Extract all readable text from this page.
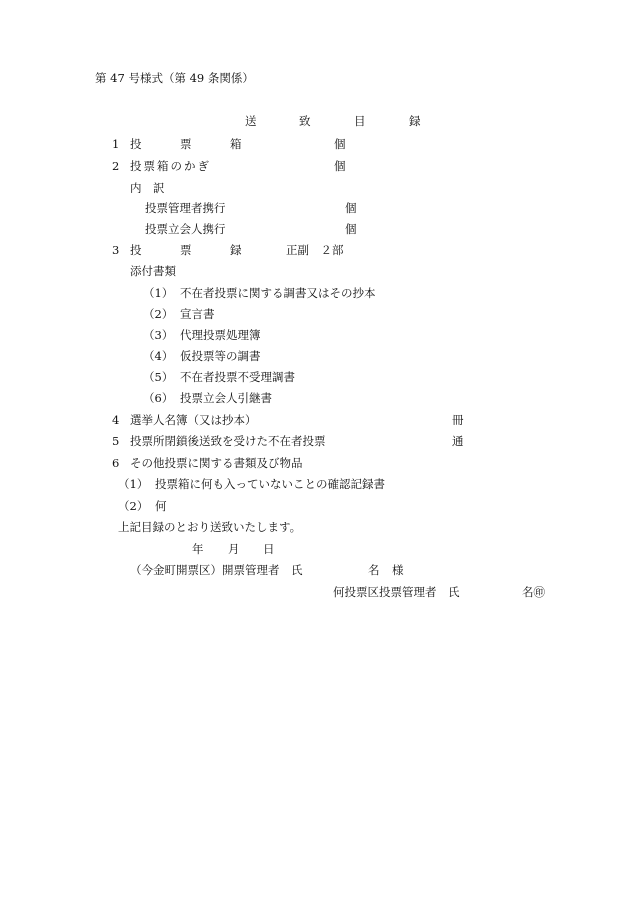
第 47 号様式（第 49 条関係）
送	致	目	録
1 投	票	箱	個
2 投票箱のかぎ	個
内　訳
投票管理者携行	個
投票立会人携行	個
3 投	票	録	正副　２部
添付書類
（1） 不在者投票に関する調書又はその抄本
（2） 宣言書
（3） 代理投票処理簿
（4） 仮投票等の調書
（5） 不在者投票不受理調書
（6） 投票立会人引継書
4 選挙人名簿（又は抄本）	冊
5 投票所閉鎖後送致を受けた不在者投票	通
6 その他投票に関する書類及び物品
（1） 投票箱に何も入っていないことの確認記録書
（2） 何
上記目録のとおり送致いたします。
年 月 日
（今金町開票区）開票管理者　氏	名 様
何投票区投票管理者　氏	名㊞
